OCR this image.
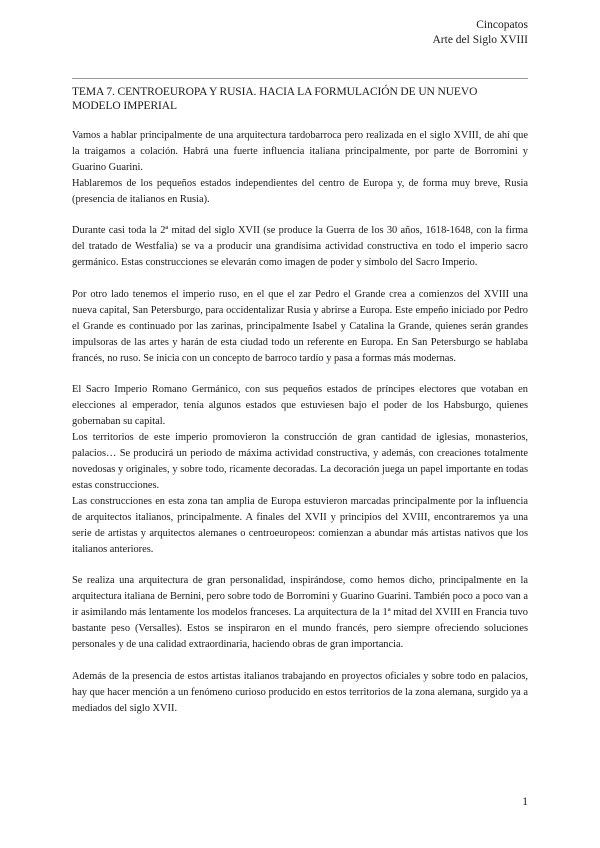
Cincopatos
Arte del Siglo XVIII
TEMA 7. CENTROEUROPA Y RUSIA. HACIA LA FORMULACIÓN DE UN NUEVO MODELO IMPERIAL

Vamos a hablar principalmente de una arquitectura tardobarroca pero realizada en el siglo XVIII, de ahí que la traigamos a colación. Habrá una fuerte influencia italiana principalmente, por parte de Borromini y Guarino Guarini.

Hablaremos de los pequeños estados independientes del centro de Europa y, de forma muy breve, Rusia (presencia de italianos en Rusia).

Durante casi toda la 2ª mitad del siglo XVII (se produce la Guerra de los 30 años, 1618-1648, con la firma del tratado de Westfalia) se va a producir una grandísima actividad constructiva en todo el imperio sacro germánico. Estas construcciones se elevarán como imagen de poder y símbolo del Sacro Imperio.

Por otro lado tenemos el imperio ruso, en el que el zar Pedro el Grande crea a comienzos del XVIII una nueva capital, San Petersburgo, para occidentalizar Rusia y abrirse a Europa. Este empeño iniciado por Pedro el Grande es continuado por las zarinas, principalmente Isabel y Catalina la Grande, quienes serán grandes impulsoras de las artes y harán de esta ciudad todo un referente en Europa. En San Petersburgo se hablaba francés, no ruso. Se inicia con un concepto de barroco tardío y pasa a formas más modernas.

El Sacro Imperio Romano Germánico, con sus pequeños estados de príncipes electores que votaban en elecciones al emperador, tenía algunos estados que estuviesen bajo el poder de los Habsburgo, quienes gobernaban su capital.

Los territorios de este imperio promovieron la construcción de gran cantidad de iglesias, monasterios, palacios… Se producirá un periodo de máxima actividad constructiva, y además, con creaciones totalmente novedosas y originales, y sobre todo, ricamente decoradas. La decoración juega un papel importante en todas estas construcciones.

Las construcciones en esta zona tan amplia de Europa estuvieron marcadas principalmente por la influencia de arquitectos italianos, principalmente. A finales del XVII y principios del XVIII, encontraremos ya una serie de artistas y arquitectos alemanes o centroeuropeos: comienzan a abundar más artistas nativos que los italianos anteriores.

Se realiza una arquitectura de gran personalidad, inspirándose, como hemos dicho, principalmente en la arquitectura italiana de Bernini, pero sobre todo de Borromini y Guarino Guarini. También poco a poco van a ir asimilando más lentamente los modelos franceses. La arquitectura de la 1ª mitad del XVIII en Francia tuvo bastante peso (Versalles). Estos se inspiraron en el mundo francés, pero siempre ofreciendo soluciones personales y de una calidad extraordinaria, haciendo obras de gran importancia.

Además de la presencia de estos artistas italianos trabajando en proyectos oficiales y sobre todo en palacios, hay que hacer mención a un fenómeno curioso producido en estos territorios de la zona alemana, surgido ya a mediados del siglo XVII.

1
